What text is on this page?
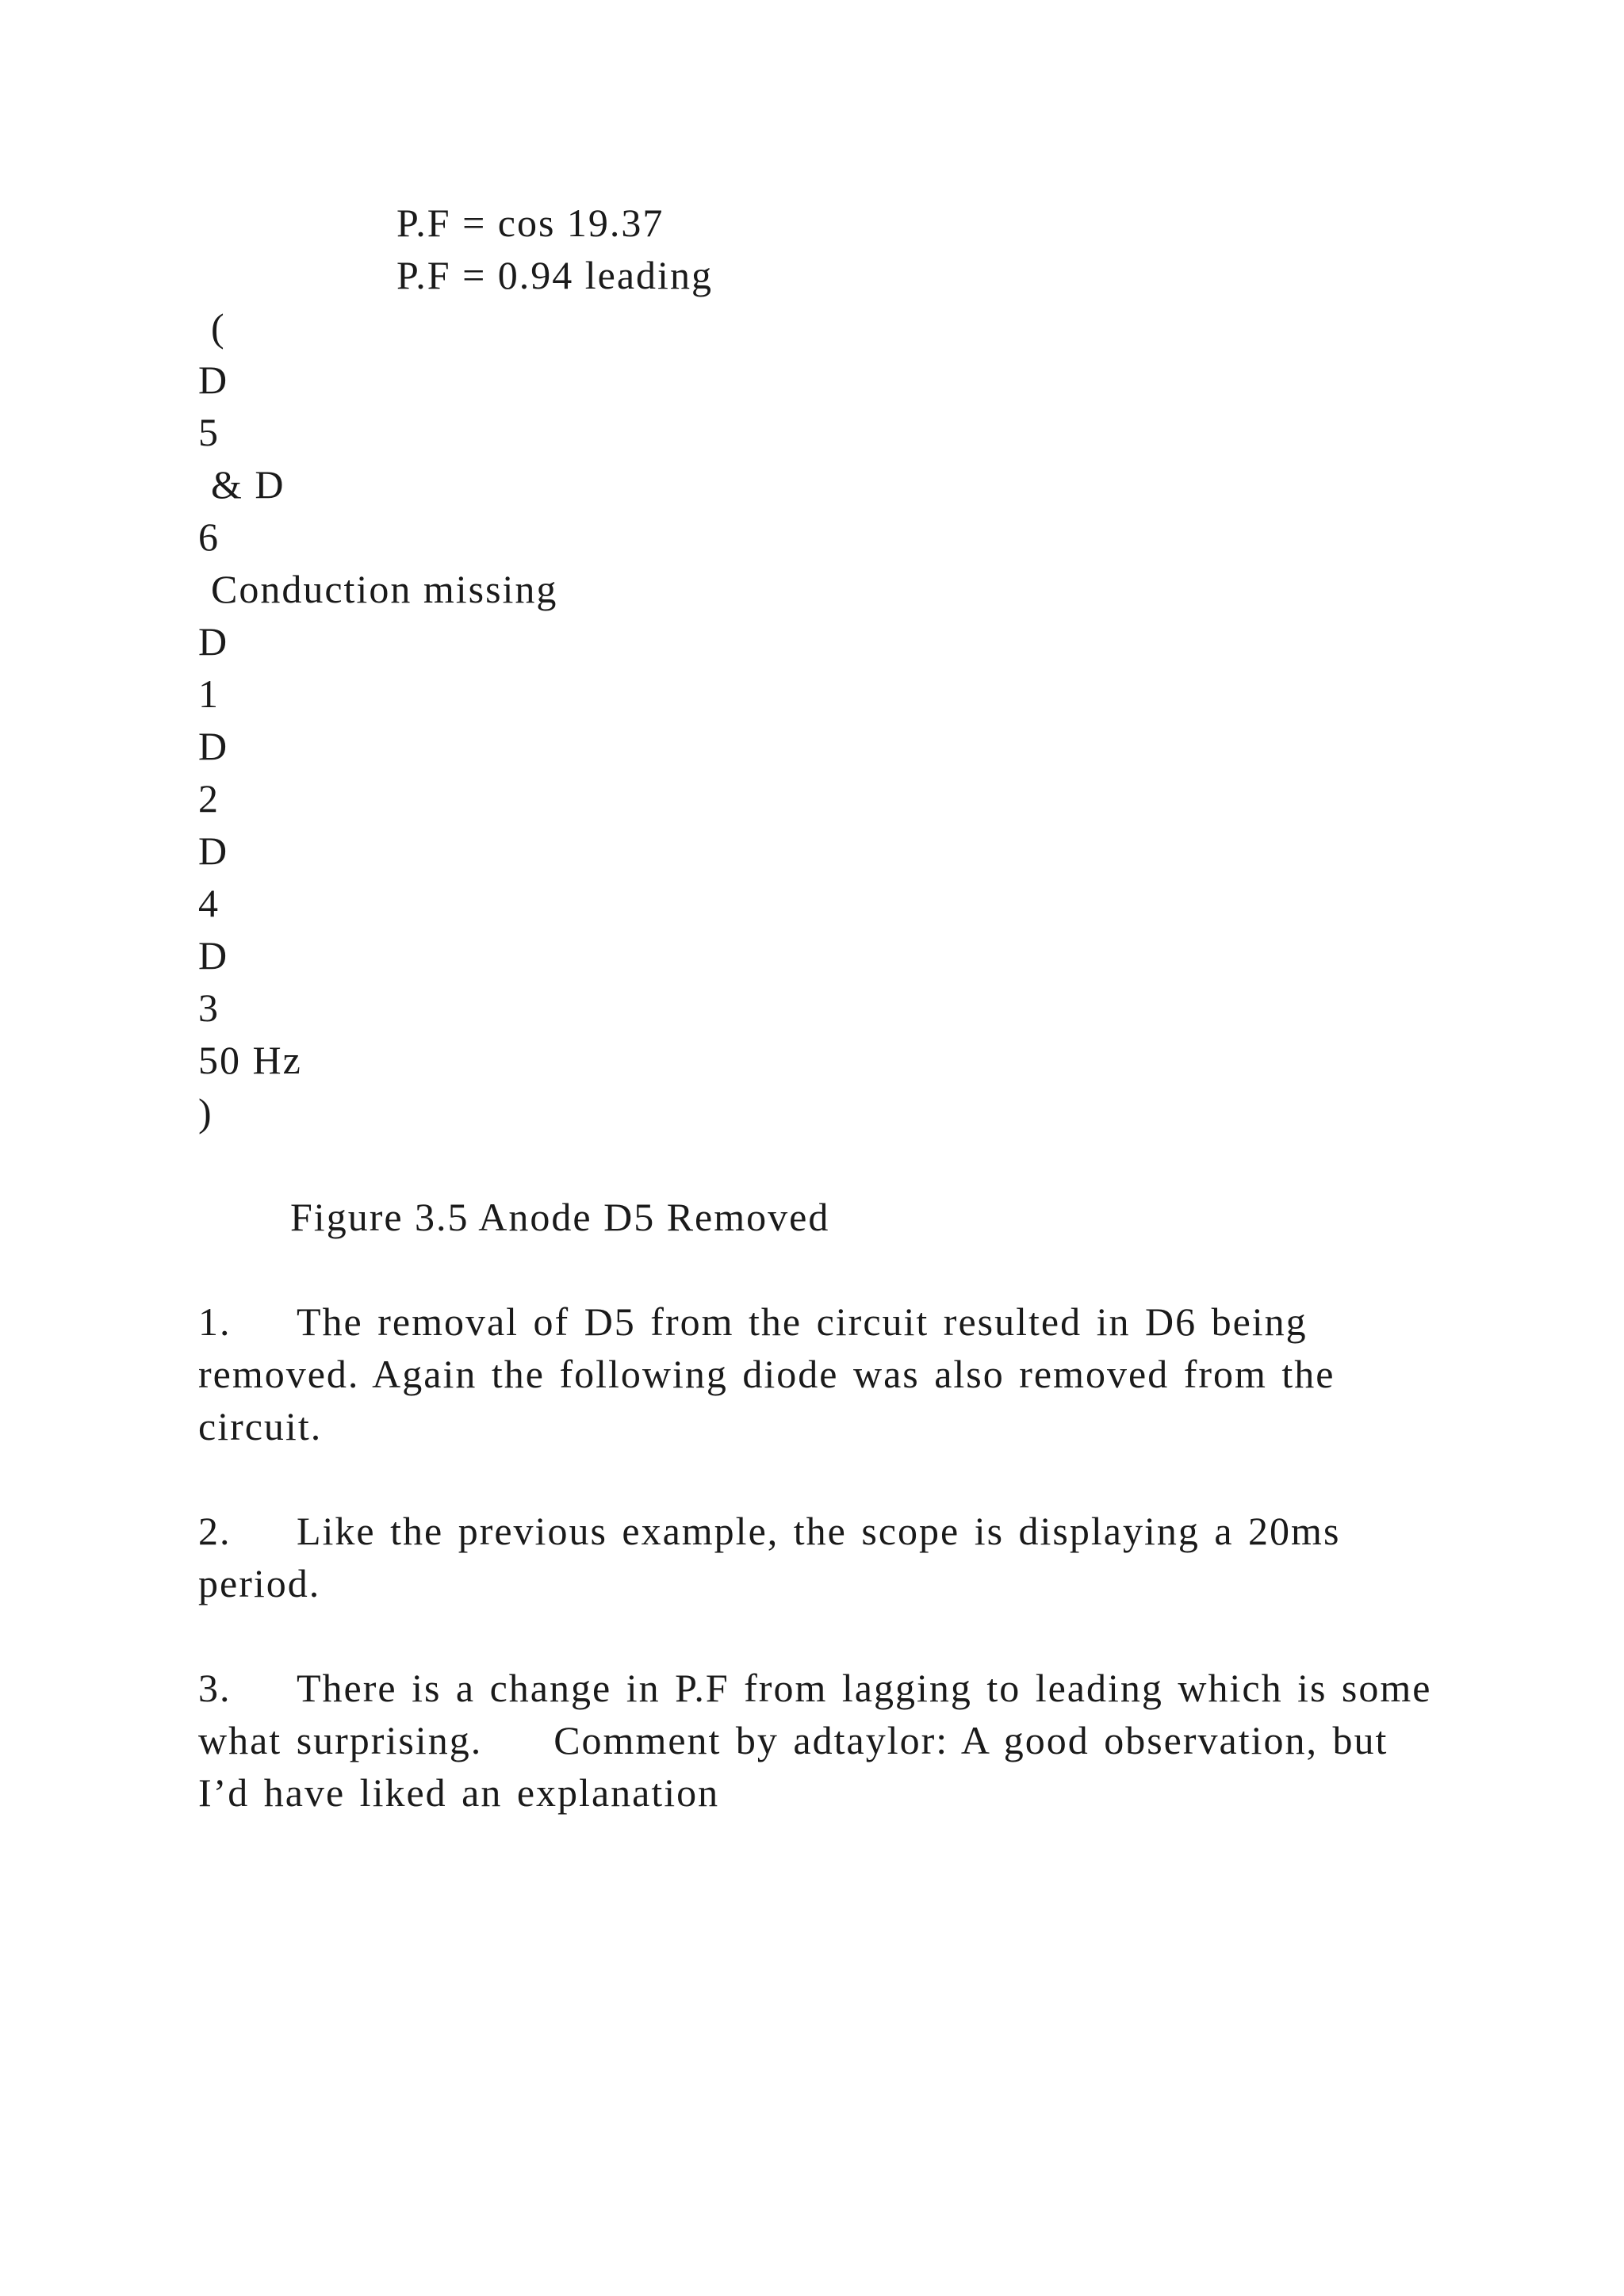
P.F = cos 19.37
P.F = 0.94 leading
(
D
5
& D
6
Conduction missing
D
1
D
2
D
4
D
3
50 Hz
)
Figure 3.5 Anode D5 Removed
1. The removal of D5 from the circuit resulted in D6 being removed. Again the following diode was also removed from the circuit.
2. Like the previous example, the scope is displaying a 20ms period.
3. There is a change in P.F from lagging to leading which is some what surprising. Comment by adtaylor: A good observation, but I’d have liked an explanation
